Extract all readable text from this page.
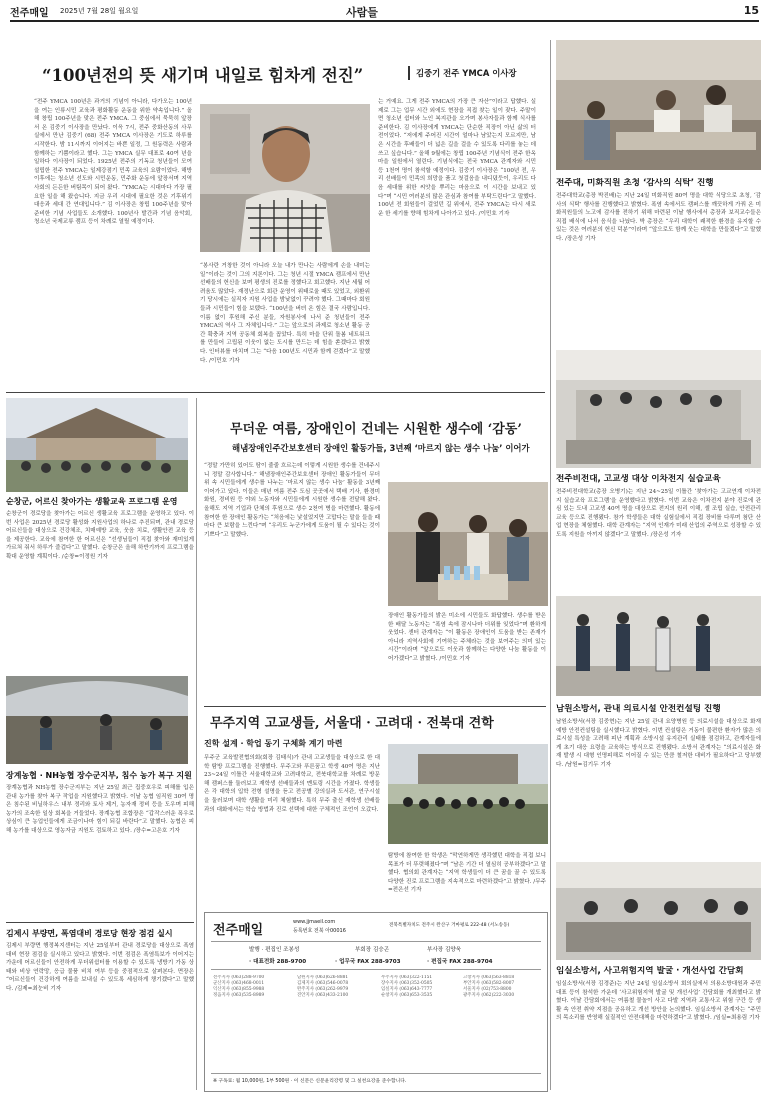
전주매일 2025년 7월 28일 월요일	사람들	15
“100년전의 뜻 새기며 내일로 힘차게 전진”	김중기 전주 YMCA 이사장
“전주 YMCA 100년은 과거의 기념이 아니라, 다가오는 100년을 여는 인류시민 교육과 평화활동 운동을 위한 약속입니다.” 올해 창립 100주년을 맞은 전주 YMCA. 그 중심에서 묵묵히 앞장서 온 김중기 이사장을 만났다. 이윽 7시, 전주 중화산동의 사무실에서 만난 김중기 (68) 전주 YMCA 이사장은 기도로 하루를 시작한다. 밤 11시까지 이어지는 바쁜 일정, 그 원동력은 사람과 함께하는 기쁨이라고 했다. 그는 YMCA 실무 대표로 40여 년을 일하다 이사장이 되었다. 1925년 전주의 기독교 청년들이 모여 설립한 전주 YMCA는 일제강점기 민족 교육의 요람이었다. 해방 이후에는 청소년 선도와 시민운동, 민주화 운동에 앞장서며 지역사회의 든든한 버팀목이 되어 왔다. “YMCA는 시대마다 가장 필요한 일을 해 왔습니다. 지금 우리 시대에 필요한 것은 기후위기 대응과 세대 간 연대입니다.” 김 이사장은 창립 100주년을 맞아 준비한 기념 사업들도 소개했다. 100년사 발간과 기념 음악회, 청소년 국제교류 캠프 등이 차례로 열릴 예정이다.
“봉사란 거창한 것이 아니라 오늘 내가 만나는 사람에게 손을 내미는 일”이라는 것이 그의 지론이다. 그는 청년 시절 YMCA 캠프에서 만난 선배들의 헌신을 보며 평생의 진로를 정했다고 회고했다. 지난 세월 어려움도 많았다. 재정난으로 회관 운영이 위태로울 때도 있었고, 외환위기 당시에는 실직자 지원 사업을 밤낮없이 꾸려야 했다. 그때마다 회원들과 시민들이 힘을 보탰다. “100년을 버텨 온 힘은 결국 사람입니다. 이름 없이 후원해 주신 분들, 자원봉사에 나서 준 청년들이 전주 YMCA의 역사 그 자체입니다.” 그는 앞으로의 과제로 청소년 활동 공간 확충과 지역 공동체 회복을 꼽았다. 특히 마을 단위 돌봄 네트워크를 만들어 고립된 이웃이 없는 도시를 만드는 데 힘을 쏟겠다고 밝혔다. 인터뷰를 마치며 그는 “다음 100년도 시민과 함께 걷겠다”고 말했다. /이민호 기자
는 거예요. 그게 전주 YMCA의 가장 큰 자산”이라고 답했다. 실제로 그는 업무 시간 외에도 현장을 직접 찾는 일이 잦다. 주말이면 청소년 쉼터와 노인 복지관을 오가며 봉사자들과 함께 식사를 준비한다. 김 이사장에게 YMCA는 단순한 직장이 아닌 삶의 터전이었다. “저에게 주어진 시간이 얼마나 남았는지 모르지만, 남은 시간을 후배들이 더 넓은 길을 걸을 수 있도록 다리를 놓는 데 쓰고 싶습니다.” 올해 9월에는 창립 100주년 기념식이 전주 한옥마을 일원에서 열린다. 기념식에는 전국 YMCA 관계자와 시민 등 1천여 명이 참석할 예정이다. 김중기 이사장은 “100년 전, 우리 선배들이 민족의 희망을 품고 첫걸음을 내디뎠듯이, 우리도 다음 세대를 위한 씨앗을 뿌리는 마음으로 이 시간을 보내고 있다”며 “시민 여러분의 많은 관심과 참여를 부탁드린다”고 말했다. 100년 전 회원들이 걸었던 길 위에서, 전주 YMCA는 다시 새로운 한 세기를 향해 힘차게 나아가고 있다. /이민호 기자
전주대, 미화직원 초청 ‘감사의 식탁’ 진행
전주대학교(총장 박진배)는 지난 24일 미화직원 80여 명을 대학 식당으로 초청, ‘감사의 식탁’ 행사를 진행했다고 밝혔다. 폭염 속에서도 캠퍼스를 깨끗하게 가꿔 온 미화직원들의 노고에 감사를 전하기 위해 마련된 이날 행사에서 총장과 보직교수들은 직접 배식에 나서 음식을 나눴다. 박 총장은 “우리 대학이 쾌적한 환경을 유지할 수 있는 것은 여러분의 헌신 덕분”이라며 “앞으로도 함께 웃는 대학을 만들겠다”고 말했다. /장은성 기자
전주비전대, 고교생 대상 이차전지 실습교육
전주비전대학교(총장 오병기)는 지난 24~25일 이틀간 ‘찾아가는 고교연계 이차전지 실습교육 프로그램’을 운영했다고 밝혔다. 이번 교육은 이차전지 분야 진로에 관심 있는 도내 고교생 40여 명을 대상으로 전지의 원리 이해, 셀 조립 실습, 안전관리 교육 등으로 진행됐다. 참가 학생들은 대학 실험실에서 직접 장비를 다루며 첨단 산업 현장을 체험했다. 대학 관계자는 “지역 인재가 미래 산업의 주역으로 성장할 수 있도록 지원을 아끼지 않겠다”고 말했다. /장은성 기자
남원소방서, 관내 의료시설 안전컨설팅 진행
남원소방서(서장 김중현)는 지난 25일 관내 요양병원 등 의료시설을 대상으로 화재 예방 안전컨설팅을 실시했다고 밝혔다. 이번 컨설팅은 거동이 불편한 환자가 많은 의료시설 특성을 고려해 피난 계획과 소방시설 유지관리 실태를 점검하고, 관계자들에게 초기 대응 요령을 교육하는 방식으로 진행됐다. 소방서 관계자는 “의료시설은 화재 발생 시 대형 인명피해로 이어질 수 있는 만큼 철저한 대비가 필요하다”고 당부했다. /남원=김기두 기자
임실소방서, 사고위험지역 발굴 · 개선사업 간담회
임실소방서(서장 김경준)는 지난 24일 임실소방서 회의실에서 의용소방대원과 주민 대표 등이 참석한 가운데 ‘사고위험지역 발굴 및 개선사업’ 간담회를 개최했다고 밝혔다. 이날 간담회에서는 여름철 물놀이 사고 다발 지역과 교통사고 위험 구간 등 생활 속 안전 취약 지점을 공유하고 개선 방안을 논의했다. 임실소방서 관계자는 “주민의 목소리를 반영해 실질적인 안전대책을 마련하겠다”고 밝혔다. /임실=최용림 기자
순창군, 어르신 찾아가는 생활교육 프로그램 운영
순창군이 경로당을 찾아가는 어르신 생활교육 프로그램을 운영하고 있다. 이번 사업은 2025년 경로당 활성화 지원사업의 하나로 추진되며, 관내 경로당 어르신들을 대상으로 건강체조, 치매예방 교육, 웃음 치료, 생활안전 교육 등을 제공한다. 교육에 참여한 한 어르신은 “선생님들이 직접 찾아와 재미있게 가르쳐 줘서 하루가 즐겁다”고 말했다. 순창군은 올해 하반기까지 프로그램을 확대 운영할 계획이다. /순창=이정원 기자
장계농협 · NH농협 장수군지부, 침수 농가 복구 지원
장계농협과 NH농협 장수군지부는 지난 25일 최근 집중호우로 피해를 입은 관내 농가를 찾아 복구 작업을 지원했다고 밝혔다. 이날 농협 임직원 30여 명은 침수된 비닐하우스 내부 정리와 토사 제거, 농자재 정비 등을 도우며 피해 농가의 조속한 일상 회복을 거들었다. 장계농협 조합장은 “갑작스러운 폭우로 상심이 큰 농업인들에게 조금이나마 힘이 되길 바란다”고 말했다. 농협은 피해 농가를 대상으로 영농자금 지원도 검토하고 있다. /장수=고은호 기자
김제시 부량면, 폭염대비 경로당 현장 점검 실시
김제시 부량면 행정복지센터는 지난 25일부터 관내 경로당을 대상으로 폭염대비 현장 점검을 실시하고 있다고 밝혔다. 이번 점검은 폭염특보가 이어지는 가운데 어르신들이 안전하게 무더위쉼터를 이용할 수 있도록 냉방기 가동 상태와 비상 연락망, 응급 물품 비치 여부 등을 중점적으로 살펴본다. 면장은 “어르신들이 건강하게 여름을 보내실 수 있도록 세심하게 챙기겠다”고 말했다. /김제=최눈비 기자
무더운 여름, 장애인이 건네는 시원한 생수에 ‘감동’
해냄장애인주간보호센터 장애인 활동가들, 3년째 ‘마르지 않는 생수 나눔’ 이어가
“정말 가만히 있어도 땀이 줄줄 흐르는데 이렇게 시원한 생수를 건네주시니 정말 감사합니다.” 해냄장애인주간보호센터 장애인 활동가들이 무더위 속 시민들에게 생수를 나누는 ‘마르지 않는 생수 나눔’ 활동을 3년째 이어가고 있다. 이들은 매년 여름 전주 도심 곳곳에서 택배 기사, 환경미화원, 경비원 등 야외 노동자와 시민들에게 시원한 생수를 전달해 왔다. 올해도 지역 기업과 단체의 후원으로 생수 2천여 병을 마련했다. 활동에 참여한 한 장애인 활동가는 “처음에는 낯설었지만 고맙다는 말을 들을 때마다 큰 보람을 느낀다”며 “우리도 누군가에게 도움이 될 수 있다는 것이 기쁘다”고 말했다.
장애인 활동가들의 밝은 미소에 시민들도 화답했다. 생수를 받은 한 배달 노동자는 “폭염 속에 잠시나마 더위를 잊었다”며 환하게 웃었다. 센터 관계자는 “이 활동은 장애인이 도움을 받는 존재가 아니라 지역사회에 기여하는 주체라는 것을 보여주는 의미 있는 시간”이라며 “앞으로도 이웃과 함께하는 다양한 나눔 활동을 이어가겠다”고 밝혔다. /이민호 기자
무주지역 고교생들, 서울대 · 고려대 · 전북대 견학
진학 설계 · 학업 동기 구체화 계기 마련
무주군 교육발전협의회(회장 김태식)가 관내 고교생들을 대상으로 한 대학 탐방 프로그램을 진행했다. 무주고와 푸른꿈고 학생 40여 명은 지난 23~24일 이틀간 서울대학교와 고려대학교, 전북대학교를 차례로 방문해 캠퍼스를 둘러보고 재학생 선배들과의 멘토링 시간을 가졌다. 학생들은 각 대학의 입학 전형 설명을 듣고 전공별 강의실과 도서관, 연구시설을 둘러보며 대학 생활을 미리 체험했다. 특히 무주 출신 재학생 선배들과의 대화에서는 학습 방법과 진로 선택에 대한 구체적인 조언이 오갔다.
탐방에 참여한 한 학생은 “막연하게만 생각했던 대학을 직접 보니 목표가 더 뚜렷해졌다”며 “남은 기간 더 열심히 공부하겠다”고 말했다. 협의회 관계자는 “지역 학생들이 더 큰 꿈을 꿀 수 있도록 다양한 진로 프로그램을 지속적으로 마련하겠다”고 밝혔다. /무주=전은선 기자
전주매일
www.jjmaeil.com
등록번호 전북 아00016
전북특별자치도 전주시 완산구 거마평로 222-48 (서노송동)
발행 · 편집인 조봉성	부회장 김승곤	부사장 김양욱
· 대표전화 288-9700	· 업무국 FAX 288-9703	· 편집국 FAX 288-9704
전주지사 (063)288-9700
군산지사 (063)468-0011
익산지사 (063)855-9988
정읍지사 (063)535-8989
남원지사 (063)626-8881
김제지사 (063)546-0078
완주지사 (063)262-9979
진안지사 (063)433-2100
무주지사 (063)322-1151
장수지사 (063)352-0505
임실지사 (063)643-7777
순창지사 (063)653-3535
고창지사 (063)563-8818
부안지사 (063)582-8007
서울지사 (02)753-8800
광주지사 (062)222-3030
※ 구독료: 월 10,000원, 1부 500원 · 이 신문은 신문윤리강령 및 그 실천요강을 준수합니다.
